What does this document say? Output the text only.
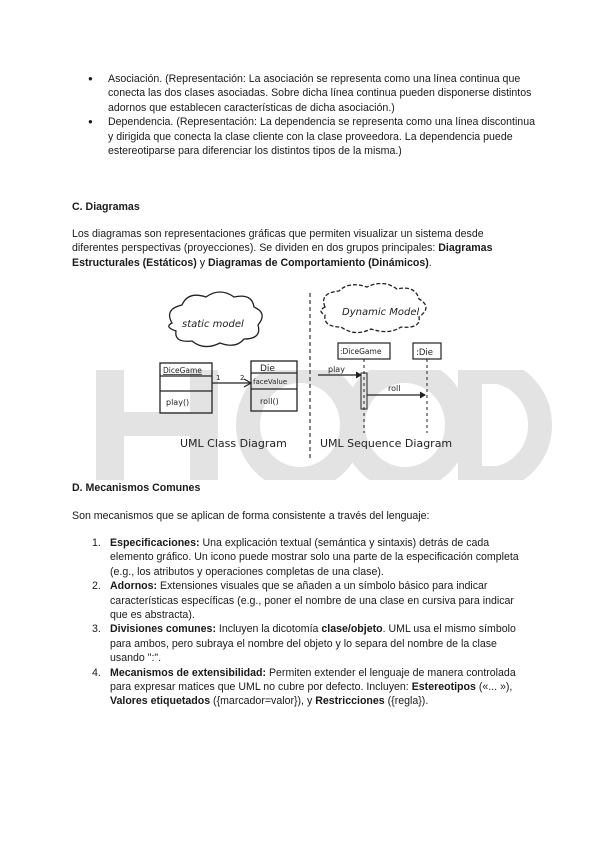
● Asociación. (Representación: La asociación se representa como una línea continua que conecta las dos clases asociadas. Sobre dicha línea continua pueden disponerse distintos adornos que establecen características de dicha asociación.)
● Dependencia. (Representación: La dependencia se representa como una línea discontinua y dirigida que conecta la clase cliente con la clase proveedora. La dependencia puede estereotiparse para diferenciar los distintos tipos de la misma.)
C. Diagramas

Los diagramas son representaciones gráficas que permiten visualizar un sistema desde diferentes perspectivas (proyecciones). Se dividen en dos grupos principales: Diagramas Estructurales (Estáticos) y Diagramas de Comportamiento (Dinámicos).

static model
Dynamic Model
DiceGame
play()
1	2
Die
faceValue
roll()
:DiceGame	:Die
play
roll
UML Class Diagram	UML Sequence Diagram
D. Mecanismos Comunes

Son mecanismos que se aplican de forma consistente a través del lenguaje:

1. Especificaciones: Una explicación textual (semántica y sintaxis) detrás de cada elemento gráfico. Un icono puede mostrar solo una parte de la especificación completa (e.g., los atributos y operaciones completas de una clase).
2. Adornos: Extensiones visuales que se añaden a un símbolo básico para indicar características específicas (e.g., poner el nombre de una clase en cursiva para indicar que es abstracta).
3. Divisiones comunes: Incluyen la dicotomía clase/objeto. UML usa el mismo símbolo para ambos, pero subraya el nombre del objeto y lo separa del nombre de la clase usando ":".
4. Mecanismos de extensibilidad: Permiten extender el lenguaje de manera controlada para expresar matices que UML no cubre por defecto. Incluyen: Estereotipos («... »), Valores etiquetados ({marcador=valor}), y Restricciones ({regla}).
